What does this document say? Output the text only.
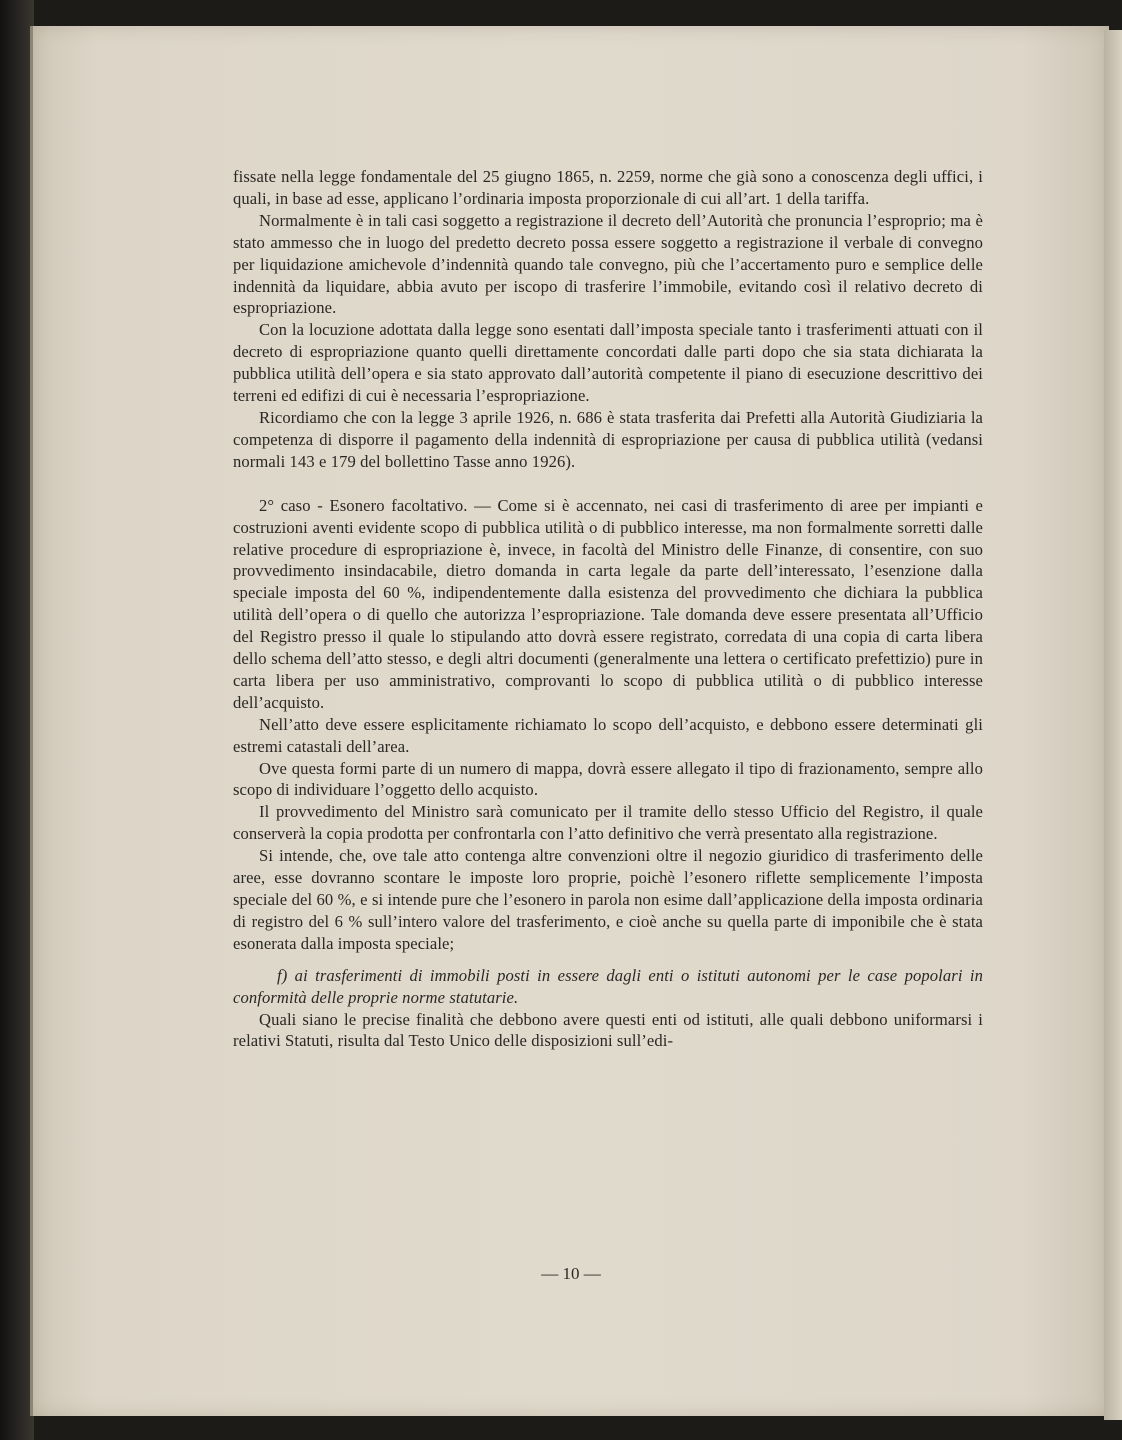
fissate nella legge fondamentale del 25 giugno 1865, n. 2259, norme che già sono a conoscenza degli uffici, i quali, in base ad esse, applicano l’ordinaria imposta proporzionale di cui all’art. 1 della tariffa.

Normalmente è in tali casi soggetto a registrazione il decreto dell’Autorità che pronuncia l’esproprio; ma è stato ammesso che in luogo del predetto decreto possa essere soggetto a registrazione il verbale di convegno per liquidazione amichevole d’indennità quando tale convegno, più che l’accertamento puro e semplice delle indennità da liquidare, abbia avuto per iscopo di trasferire l’immobile, evitando così il relativo decreto di espropriazione.

Con la locuzione adottata dalla legge sono esentati dall’imposta speciale tanto i trasferimenti attuati con il decreto di espropriazione quanto quelli direttamente concordati dalle parti dopo che sia stata dichiarata la pubblica utilità dell’opera e sia stato approvato dall’autorità competente il piano di esecuzione descrittivo dei terreni ed edifizi di cui è necessaria l’espropriazione.

Ricordiamo che con la legge 3 aprile 1926, n. 686 è stata trasferita dai Prefetti alla Autorità Giudiziaria la competenza di disporre il pagamento della indennità di espropriazione per causa di pubblica utilità (vedansi normali 143 e 179 del bollettino Tasse anno 1926).

2° caso - Esonero facoltativo. — Come si è accennato, nei casi di trasferimento di aree per impianti e costruzioni aventi evidente scopo di pubblica utilità o di pubblico interesse, ma non formalmente sorretti dalle relative procedure di espropriazione è, invece, in facoltà del Ministro delle Finanze, di consentire, con suo provvedimento insindacabile, dietro domanda in carta legale da parte dell’interessato, l’esenzione dalla speciale imposta del 60 %, indipendentemente dalla esistenza del provvedimento che dichiara la pubblica utilità dell’opera o di quello che autorizza l’espropriazione. Tale domanda deve essere presentata all’Ufficio del Registro presso il quale lo stipulando atto dovrà essere registrato, corredata di una copia di carta libera dello schema dell’atto stesso, e degli altri documenti (generalmente una lettera o certificato prefettizio) pure in carta libera per uso amministrativo, comprovanti lo scopo di pubblica utilità o di pubblico interesse dell’acquisto.

Nell’atto deve essere esplicitamente richiamato lo scopo dell’acquisto, e debbono essere determinati gli estremi catastali dell’area.

Ove questa formi parte di un numero di mappa, dovrà essere allegato il tipo di frazionamento, sempre allo scopo di individuare l’oggetto dello acquisto.

Il provvedimento del Ministro sarà comunicato per il tramite dello stesso Ufficio del Registro, il quale conserverà la copia prodotta per confrontarla con l’atto definitivo che verrà presentato alla registrazione.

Si intende, che, ove tale atto contenga altre convenzioni oltre il negozio giuridico di trasferimento delle aree, esse dovranno scontare le imposte loro proprie, poichè l’esonero riflette semplicemente l’imposta speciale del 60 %, e si intende pure che l’esonero in parola non esime dall’applicazione della imposta ordinaria di registro del 6 % sull’intero valore del trasferimento, e cioè anche su quella parte di imponibile che è stata esonerata dalla imposta speciale;

f) ai trasferimenti di immobili posti in essere dagli enti o istituti autonomi per le case popolari in conformità delle proprie norme statutarie.

Quali siano le precise finalità che debbono avere questi enti od istituti, alle quali debbono uniformarsi i relativi Statuti, risulta dal Testo Unico delle disposizioni sull’edi-

— 10 —
